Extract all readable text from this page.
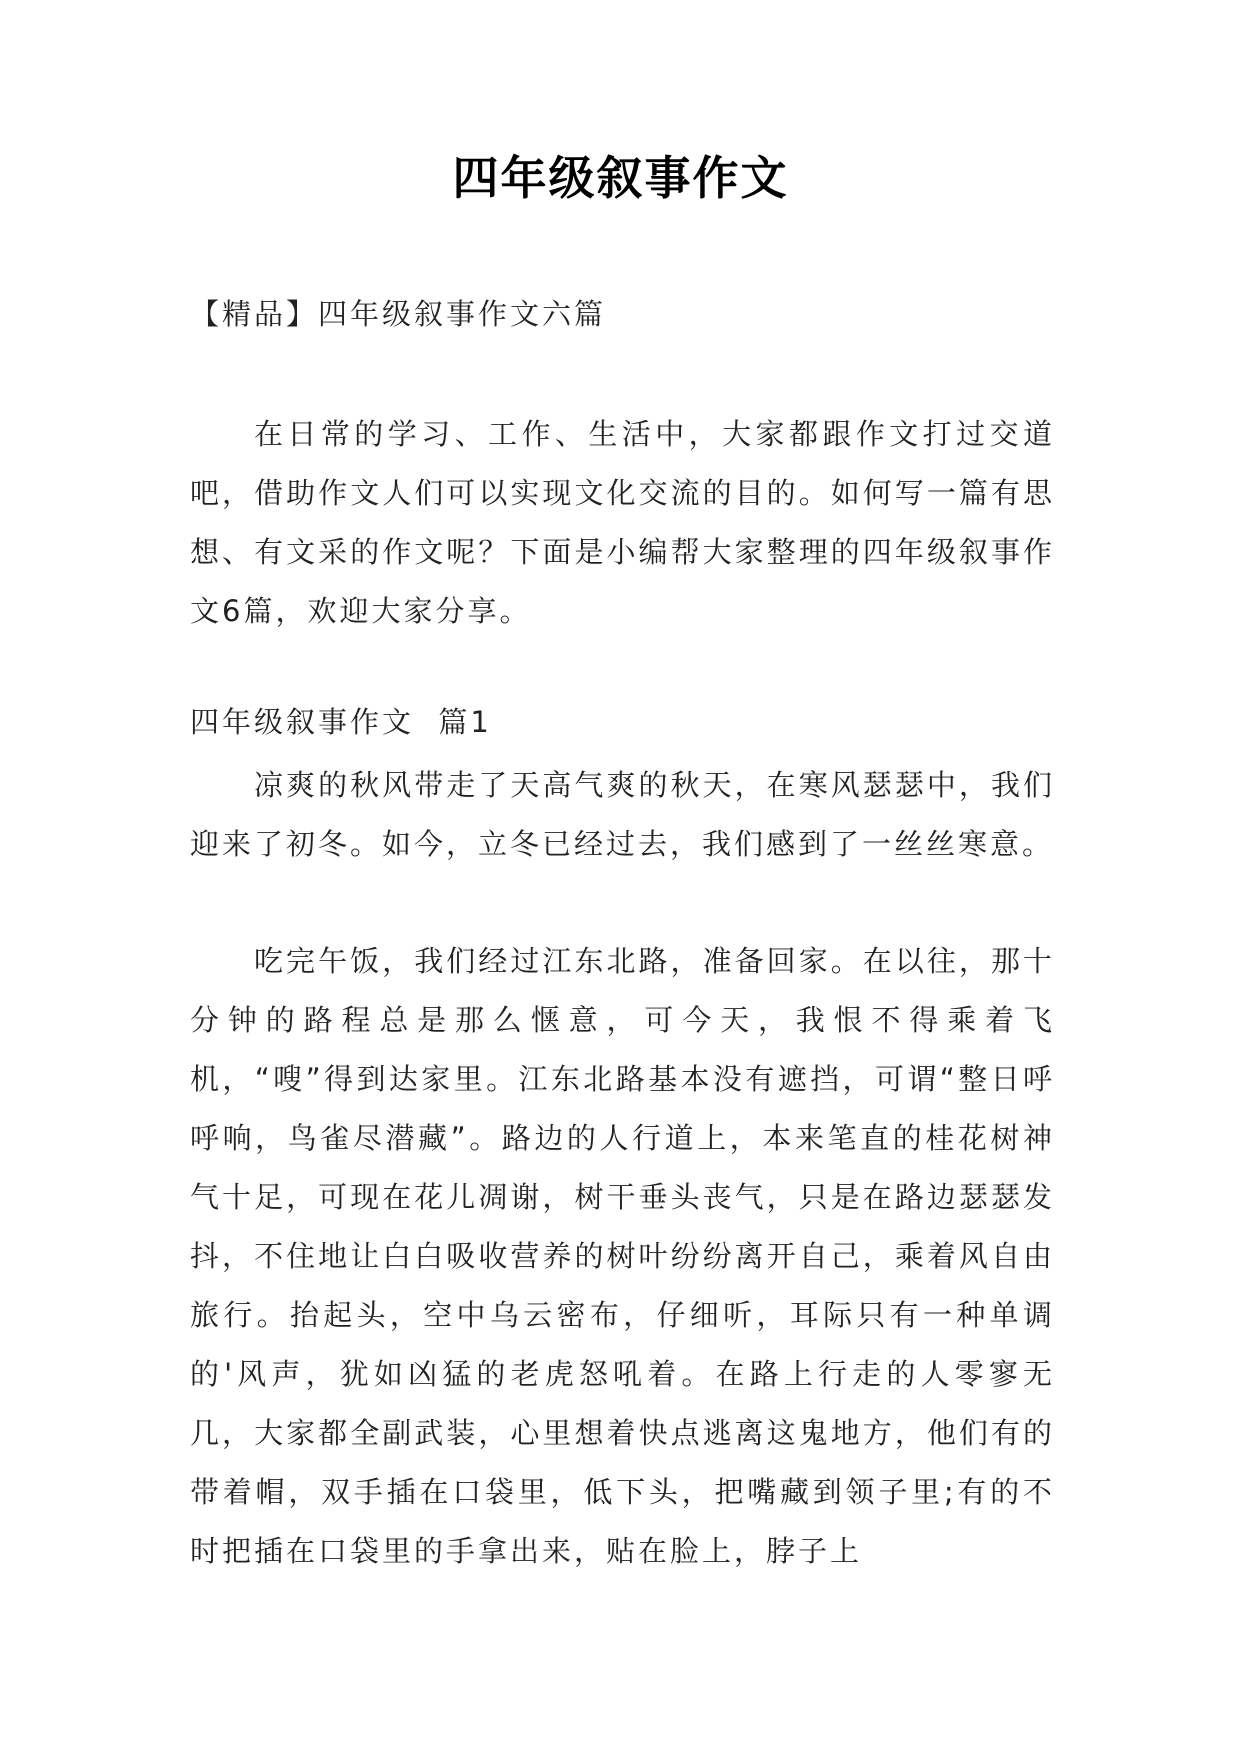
四年级叙事作文
【精品】四年级叙事作文六篇

在日常的学习、工作、生活中，大家都跟作文打过交道吧，借助作文人们可以实现文化交流的目的。如何写一篇有思想、有文采的作文呢？下面是小编帮大家整理的四年级叙事作文6篇，欢迎大家分享。

四年级叙事作文  篇1

凉爽的秋风带走了天高气爽的秋天，在寒风瑟瑟中，我们迎来了初冬。如今，立冬已经过去，我们感到了一丝丝寒意。

吃完午饭，我们经过江东北路，准备回家。在以往，那十分钟的路程总是那么惬意，可今天，我恨不得乘着飞机，“嗖”得到达家里。江东北路基本没有遮挡，可谓“整日呼呼响，鸟雀尽潜藏”。路边的人行道上，本来笔直的桂花树神气十足，可现在花儿凋谢，树干垂头丧气，只是在路边瑟瑟发抖，不住地让白白吸收营养的树叶纷纷离开自己，乘着风自由旅行。抬起头，空中乌云密布，仔细听，耳际只有一种单调的'风声，犹如凶猛的老虎怒吼着。在路上行走的人零寥无几，大家都全副武装，心里想着快点逃离这鬼地方，他们有的带着帽，双手插在口袋里，低下头，把嘴藏到领子里;有的不时把插在口袋里的手拿出来，贴在脸上，脖子上
